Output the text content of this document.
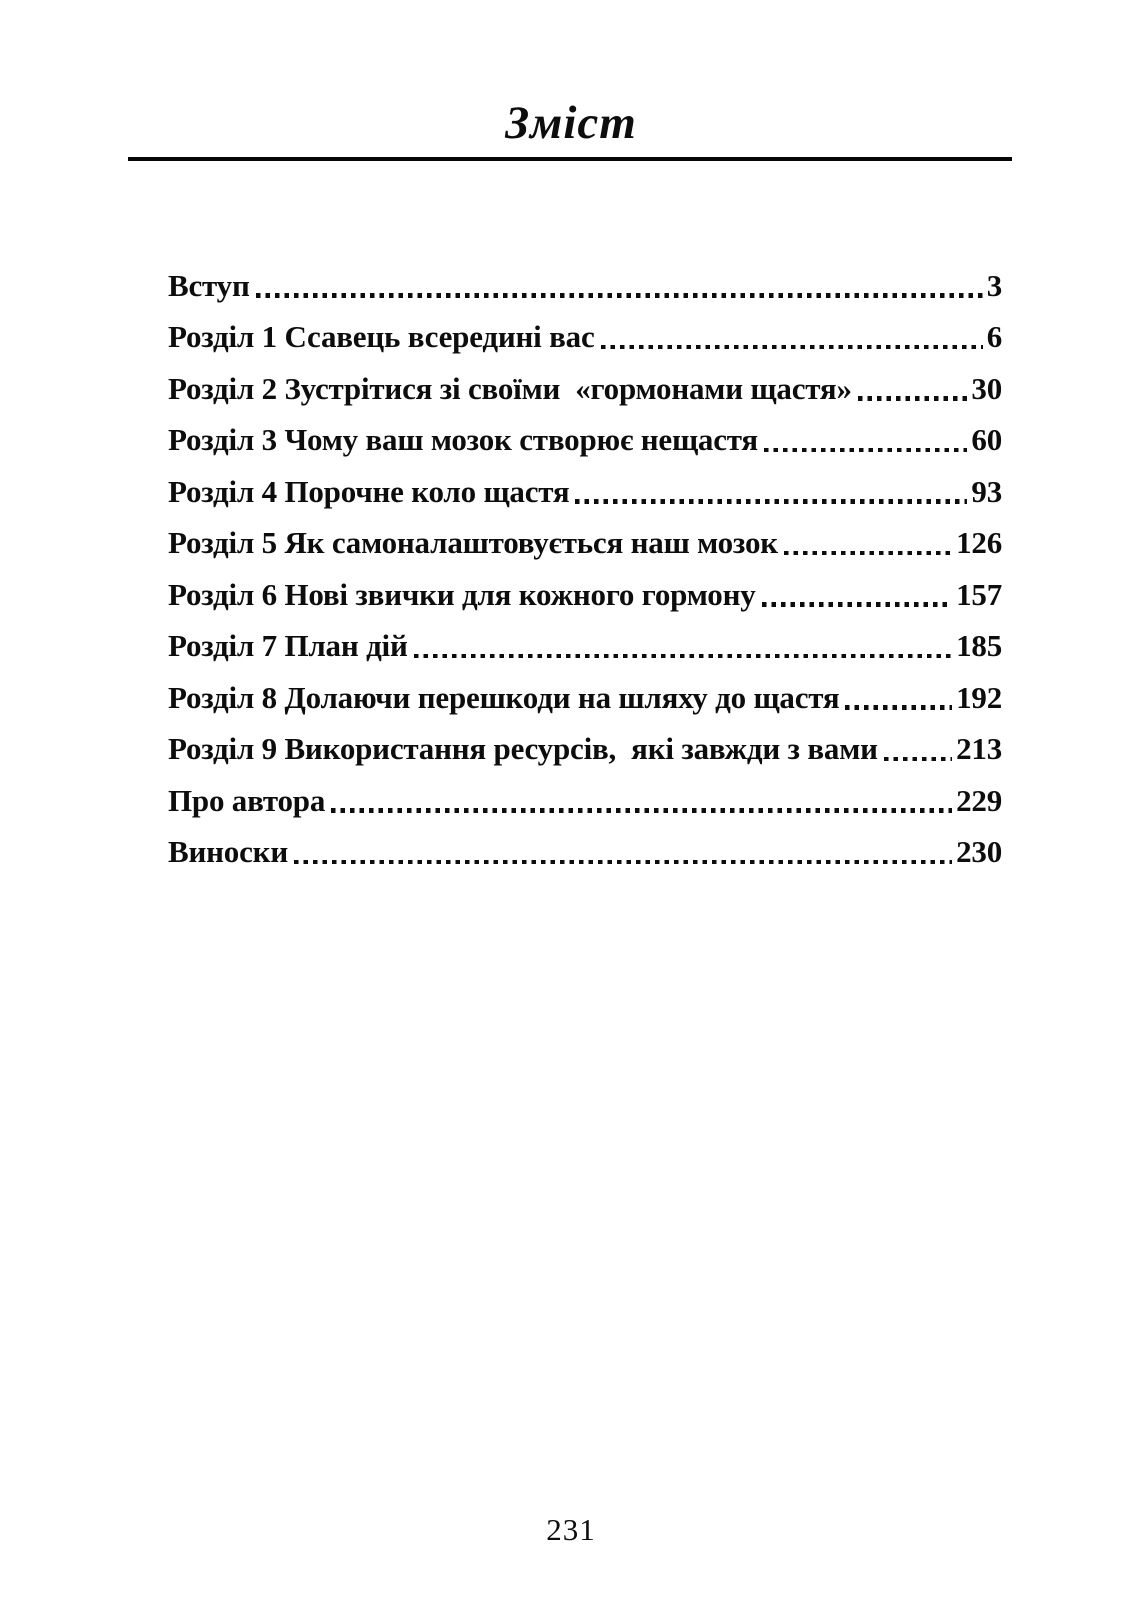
Зміст
Вступ	3
Розділ 1 Ссавець всередині вас	6
Розділ 2 Зустрітися зі своїми  «гормонами щастя»	30
Розділ 3 Чому ваш мозок створює нещастя	60
Розділ 4 Порочне коло щастя	93
Розділ 5 Як самоналаштовується наш мозок	126
Розділ 6 Нові звички для кожного гормону	157
Розділ 7 План дій	185
Розділ 8 Долаючи перешкоди на шляху до щастя	192
Розділ 9 Використання ресурсів,  які завжди з вами	213
Про автора	229
Виноски	230
231
